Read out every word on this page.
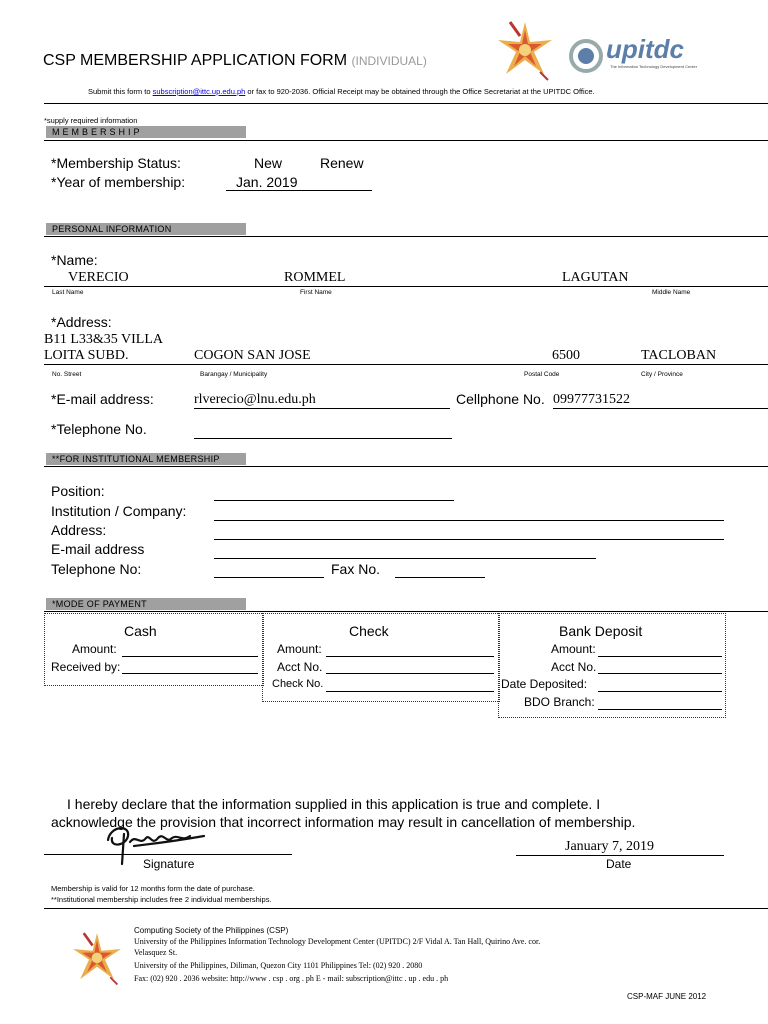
CSP MEMBERSHIP APPLICATION FORM (INDIVIDUAL)	upitdc
The Information Technology Development Center
Submit this form to subscription@ittc.up.edu.ph or fax to 920-2036. Official Receipt may be obtained through the Office Secretariat at the UPITDC Office.
*supply required information
MEMBERSHIP
*Membership Status:	New	Renew
*Year of membership:	Jan. 2019
PERSONAL INFORMATION
*Name:
VERECIO	ROMMEL	LAGUTAN
Last Name	First Name	Middle Name
*Address:
B11 L33&35 VILLA
LOITA SUBD.	COGON SAN JOSE	6500	TACLOBAN
No. Street	Barangay / Municipality	Postal Code	City / Province
*E-mail address:	rlverecio@lnu.edu.ph	Cellphone No. 09977731522
*Telephone No.
**FOR INSTITUTIONAL MEMBERSHIP
Position:
Institution / Company:
Address:
E-mail address
Telephone No:	Fax No.
*MODE OF PAYMENT
Cash
Amount:
Received by:
Check
Amount:
Acct No.
Check No.
Bank Deposit
Amount:
Acct No.
Date Deposited:
BDO Branch:
I hereby declare that the information supplied in this application is true and complete. I
acknowledge the provision that incorrect information may result in cancellation of membership.
Signature
January 7, 2019
Date
Membership is valid for 12 months form the date of purchase.
**Institutional membership includes free 2 individual memberships.
Computing Society of the Philippines (CSP)
University of the Philippines Information Technology Development Center (UPITDC) 2/F Vidal A. Tan Hall, Quirino Ave. cor.
Velasquez St.
University of the Philippines, Diliman, Quezon City 1101 Philippines Tel: (02) 920 . 2080
Fax: (02) 920 . 2036 website: http://www . csp . org . ph E - mail: subscription@ittc . up . edu . ph
CSP-MAF JUNE 2012
